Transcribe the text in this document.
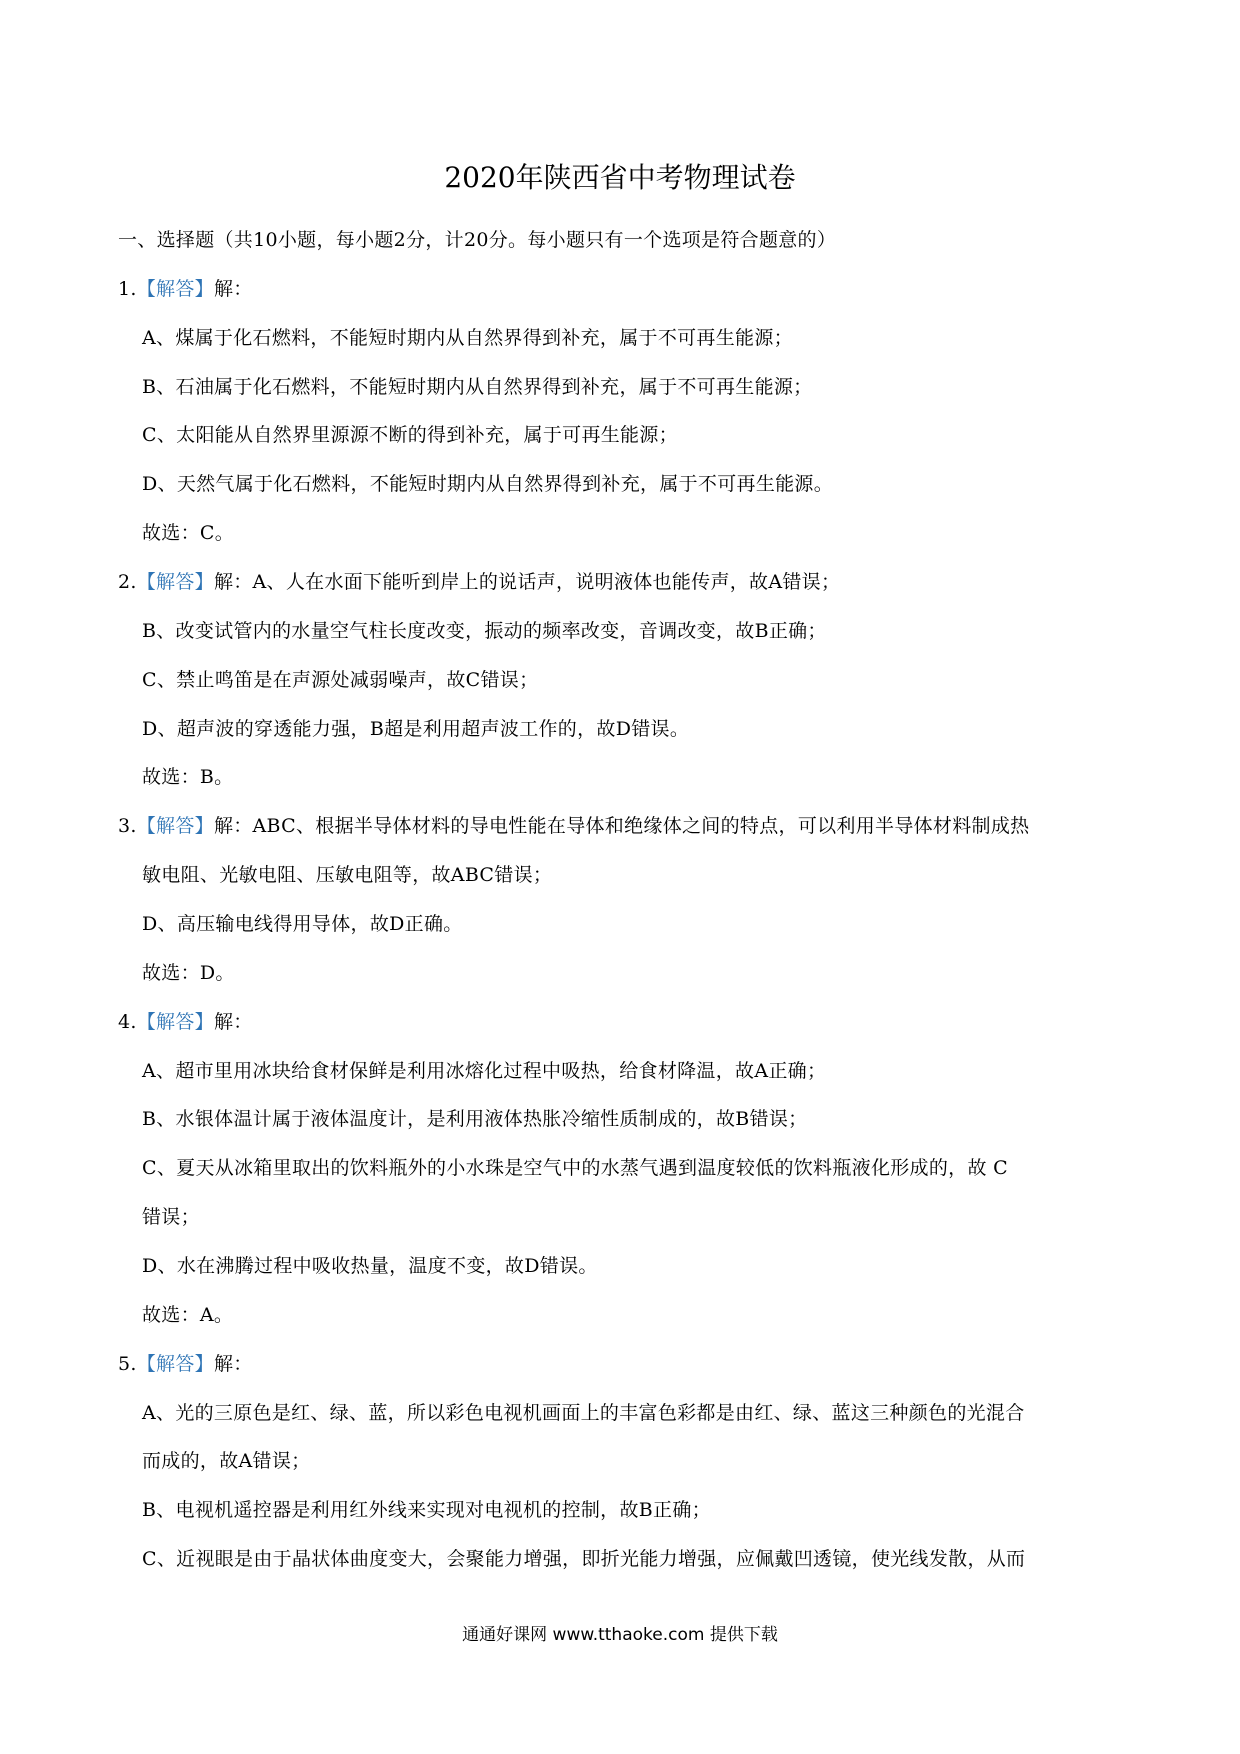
2020年陕西省中考物理试卷
一、选择题（共10小题，每小题2分，计20分。每小题只有一个选项是符合题意的）
1.【解答】解：
A、煤属于化石燃料，不能短时期内从自然界得到补充，属于不可再生能源；
B、石油属于化石燃料，不能短时期内从自然界得到补充，属于不可再生能源；
C、太阳能从自然界里源源不断的得到补充，属于可再生能源；
D、天然气属于化石燃料，不能短时期内从自然界得到补充，属于不可再生能源。
故选：C。
2.【解答】解：A、人在水面下能听到岸上的说话声，说明液体也能传声，故A错误；
B、改变试管内的水量空气柱长度改变，振动的频率改变，音调改变，故B正确；
C、禁止鸣笛是在声源处减弱噪声，故C错误；
D、超声波的穿透能力强，B超是利用超声波工作的，故D错误。
故选：B。
3.【解答】解：ABC、根据半导体材料的导电性能在导体和绝缘体之间的特点，可以利用半导体材料制成热
敏电阻、光敏电阻、压敏电阻等，故ABC错误；
D、高压输电线得用导体，故D正确。
故选：D。
4.【解答】解：
A、超市里用冰块给食材保鲜是利用冰熔化过程中吸热，给食材降温，故A正确；
B、水银体温计属于液体温度计，是利用液体热胀冷缩性质制成的，故B错误；
C、夏天从冰箱里取出的饮料瓶外的小水珠是空气中的水蒸气遇到温度较低的饮料瓶液化形成的，故 C
错误；
D、水在沸腾过程中吸收热量，温度不变，故D错误。
故选：A。
5.【解答】解：
A、光的三原色是红、绿、蓝，所以彩色电视机画面上的丰富色彩都是由红、绿、蓝这三种颜色的光混合
而成的，故A错误；
B、电视机遥控器是利用红外线来实现对电视机的控制，故B正确；
C、近视眼是由于晶状体曲度变大，会聚能力增强，即折光能力增强，应佩戴凹透镜，使光线发散，从而
通通好课网 www.tthaoke.com 提供下载
